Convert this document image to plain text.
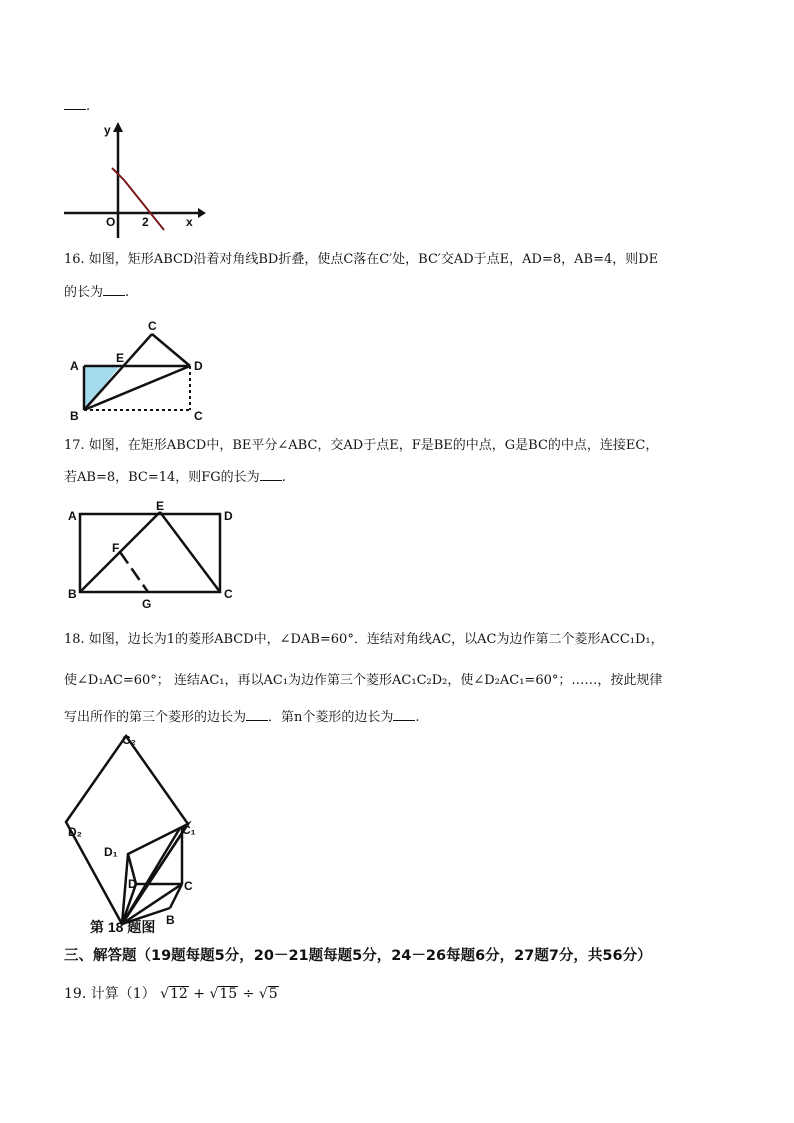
.
y
x
O 2
16. 如图，矩形ABCD沿着对角线BD折叠，使点C落在C′处，BC′交AD于点E，AD=8，AB=4，则DE
的长为 .
A
E
C
D
B	C
17. 如图，在矩形ABCD中，BE平分∠ABC，交AD于点E，F是BE的中点，G是BC的中点，连接EC，
若AB=8，BC=14，则FG的长为 .
A
E
D
F
B
G
C
18. 如图，边长为1的菱形ABCD中，∠DAB=60°．连结对角线AC，以AC为边作第二个菱形ACC₁D₁，
使∠D₁AC=60°； 连结AC₁，再以AC₁为边作第三个菱形AC₁C₂D₂，使∠D₂AC₁=60°；……，按此规律
写出所作的第三个菱形的边长为 ．第n个菱形的边长为 .
C₂
D₂	C₁
D₁
D	C
B
第 18 题图
三、解答题（19题每题5分，20－21题每题5分，24－26每题6分，27题7分，共56分）
19. 计算（1） √12 + √15 ÷ √5
